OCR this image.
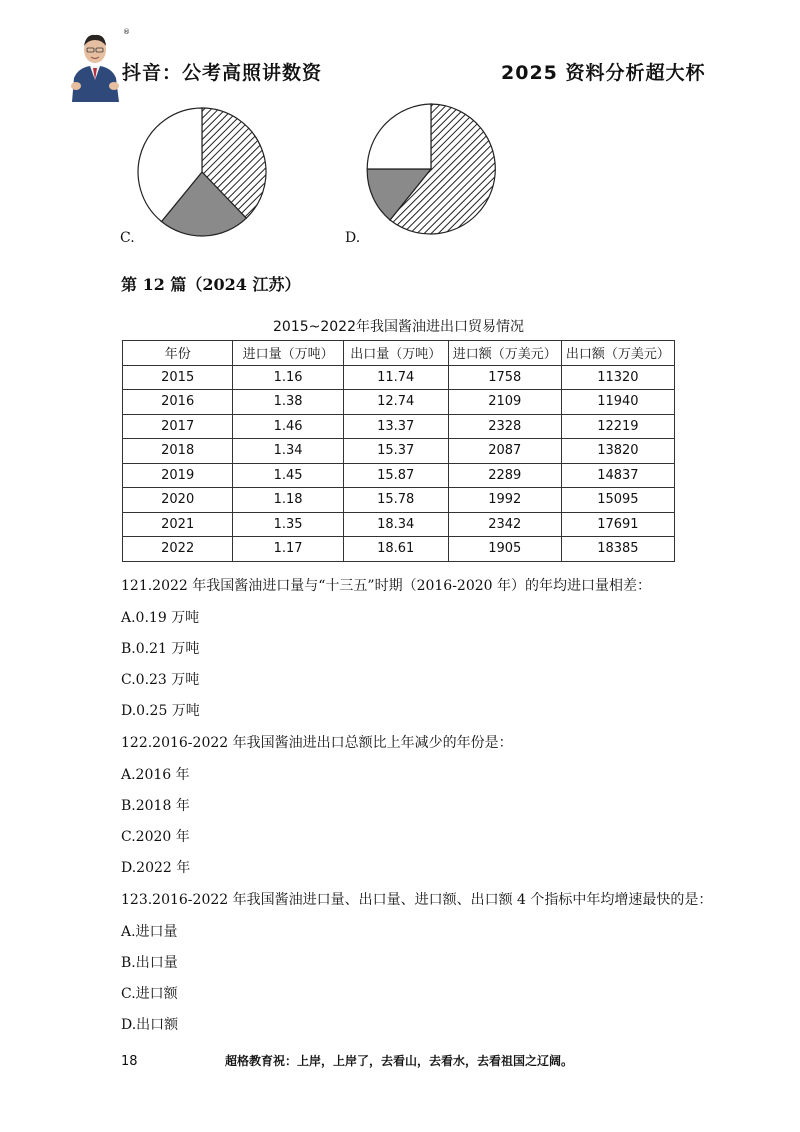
®
抖音：公考高照讲数资	2025 资料分析超大杯
C.	D.
第 12 篇（2024 江苏）
2015~2022年我国酱油进出口贸易情况
年份	进口量（万吨）	出口量（万吨）	进口额（万美元）	出口额（万美元）
2015	1.16	11.74	1758	11320
2016	1.38	12.74	2109	11940
2017	1.46	13.37	2328	12219
2018	1.34	15.37	2087	13820
2019	1.45	15.87	2289	14837
2020	1.18	15.78	1992	15095
2021	1.35	18.34	2342	17691
2022	1.17	18.61	1905	18385
121.2022 年我国酱油进口量与“十三五”时期（2016-2020 年）的年均进口量相差：
A.0.19 万吨
B.0.21 万吨
C.0.23 万吨
D.0.25 万吨
122.2016-2022 年我国酱油进出口总额比上年减少的年份是：
A.2016 年
B.2018 年
C.2020 年
D.2022 年
123.2016-2022 年我国酱油进口量、出口量、进口额、出口额 4 个指标中年均增速最快的是：
A.进口量
B.出口量
C.进口额
D.出口额
18	超格教育祝：上岸，上岸了，去看山，去看水，去看祖国之辽阔。
